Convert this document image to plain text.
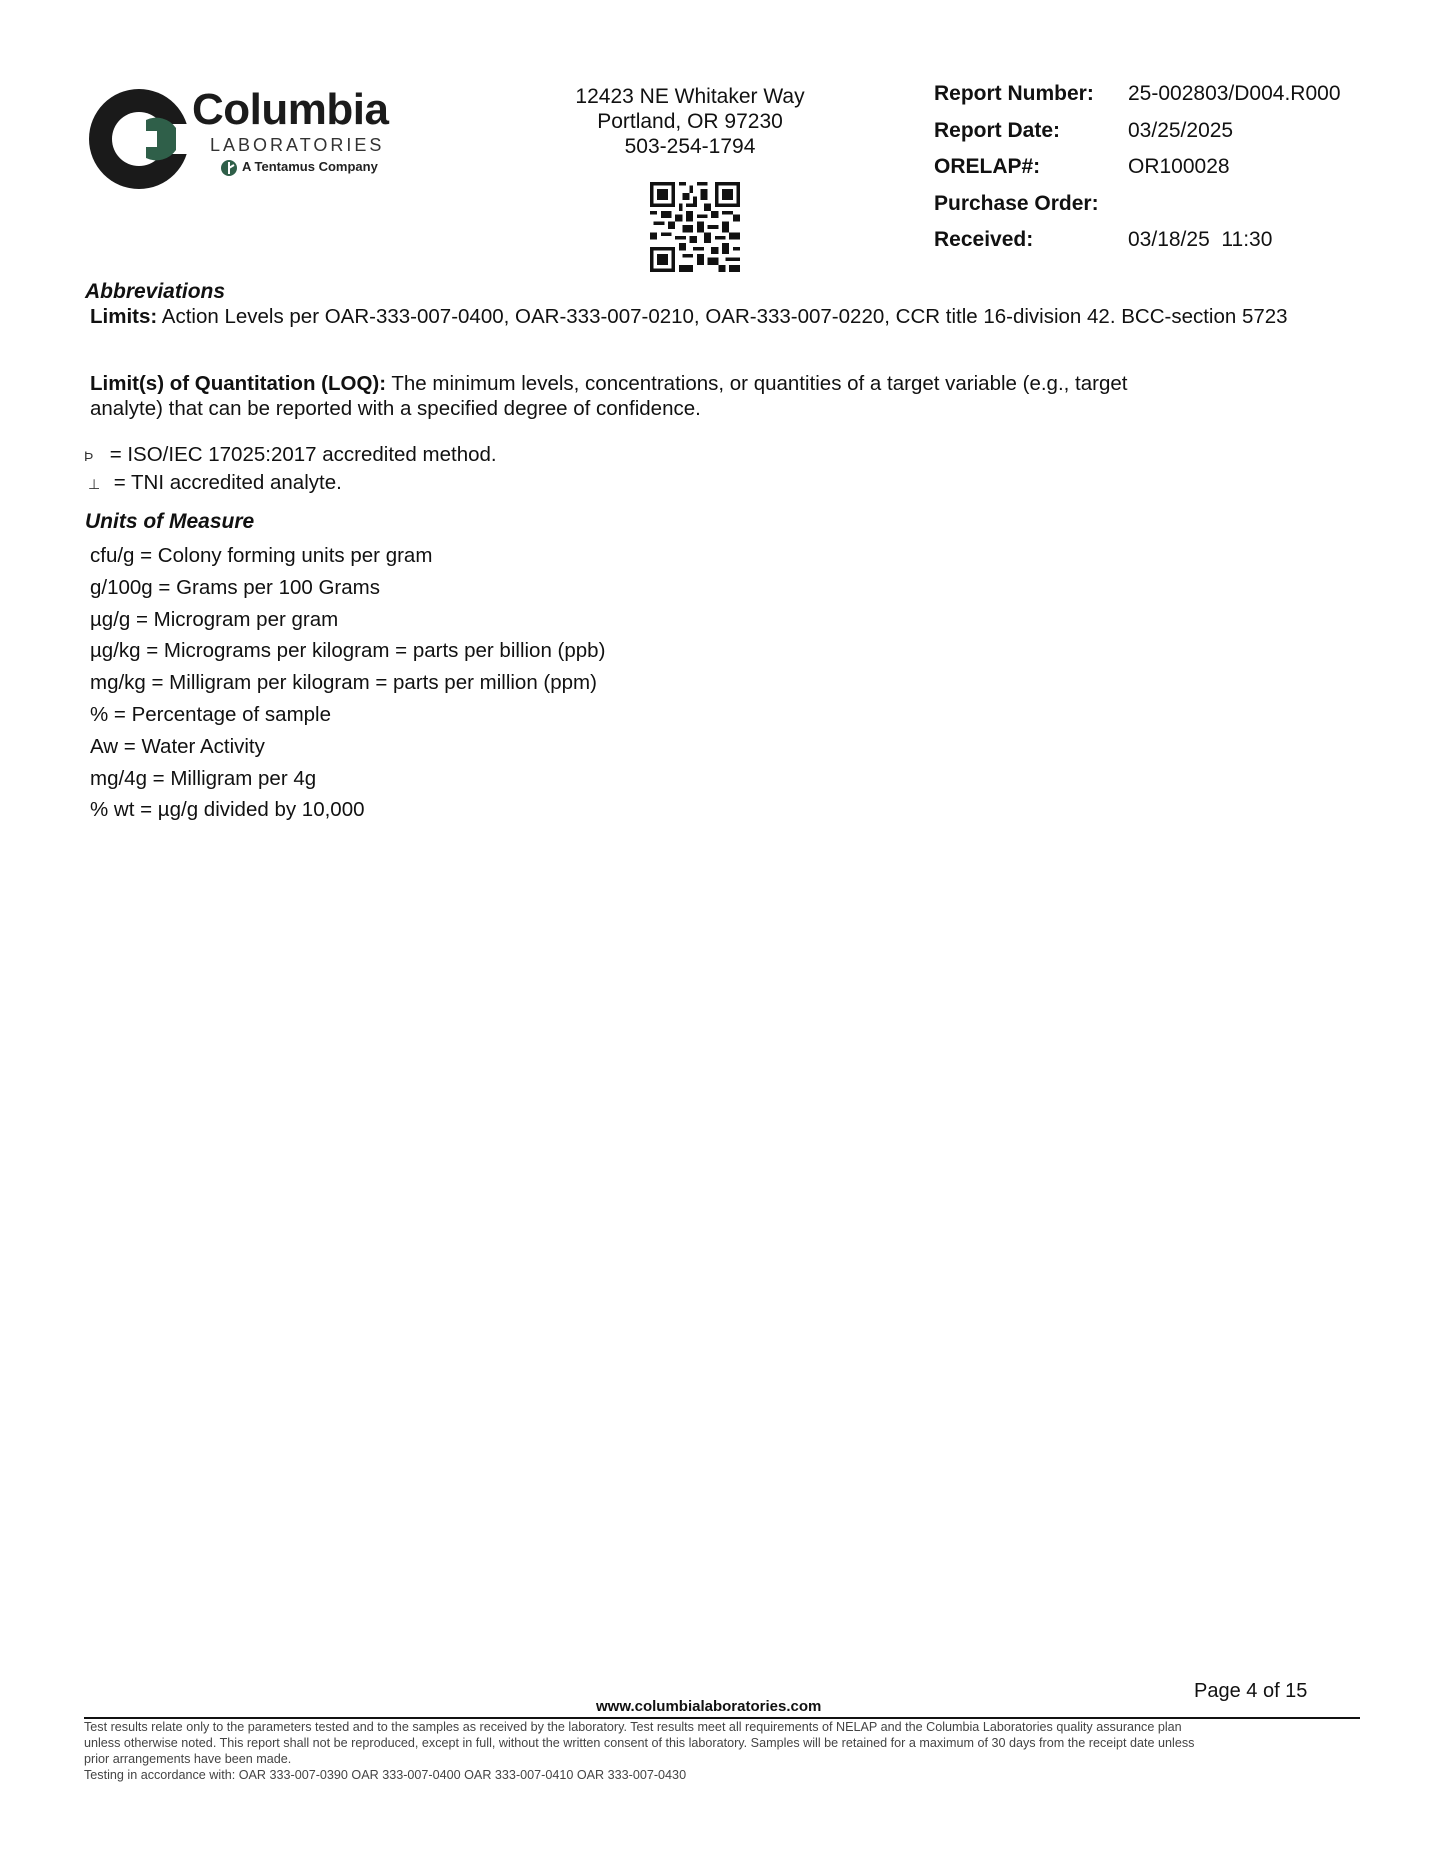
Columbia
LABORATORIES
A Tentamus Company
12423 NE Whitaker Way
Portland, OR 97230
503-254-1794
Report Number: 25-002803/D004.R000
Report Date:	03/25/2025
ORELAP#:	OR100028
Purchase Order:
Received:	03/18/25  11:30
Abbreviations
Limits: Action Levels per OAR-333-007-0400, OAR-333-007-0210, OAR-333-007-0220, CCR title 16-division 42. BCC-section 5723
Limit(s) of Quantitation (LOQ): The minimum levels, concentrations, or quantities of a target variable (e.g., target
analyte) that can be reported with a specified degree of confidence.
Þ = ISO/IEC 17025:2017 accredited method.
⊥ = TNI accredited analyte.
Units of Measure
cfu/g = Colony forming units per gram
g/100g = Grams per 100 Grams
µg/g = Microgram per gram
µg/kg = Micrograms per kilogram = parts per billion (ppb)
mg/kg = Milligram per kilogram = parts per million (ppm)
% = Percentage of sample
Aw = Water Activity
mg/4g = Milligram per 4g
% wt = µg/g divided by 10,000
Page 4 of 15
www.columbialaboratories.com
Test results relate only to the parameters tested and to the samples as received by the laboratory. Test results meet all requirements of NELAP and the Columbia Laboratories quality assurance plan
unless otherwise noted. This report shall not be reproduced, except in full, without the written consent of this laboratory. Samples will be retained for a maximum of 30 days from the receipt date unless
prior arrangements have been made.
Testing in accordance with: OAR 333-007-0390 OAR 333-007-0400 OAR 333-007-0410 OAR 333-007-0430
